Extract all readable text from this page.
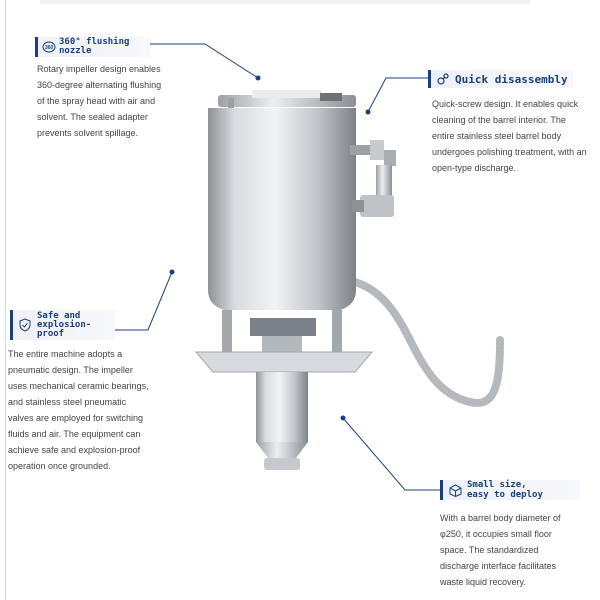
360
360° flushing
nozzle
Rotary impeller design enables
360-degree alternating flushing
of the spray head with air and
solvent. The sealed adapter
prevents solvent spillage.
Quick disassembly
Quick-screw design. It enables quick
cleaning of the barrel interior. The
entire stainless steel barrel body
undergoes polishing treatment, with an
open-type discharge.
Safe and
explosion-
proof
The entire machine adopts a
pneumatic design. The impeller
uses mechanical ceramic bearings,
and stainless steel pneumatic
valves are employed for switching
fluids and air. The equipment can
achieve safe and explosion-proof
operation once grounded.
Small size,
easy to deploy
With a barrel body diameter of
φ250, it occupies small floor
space. The standardized
discharge interface facilitates
waste liquid recovery.
